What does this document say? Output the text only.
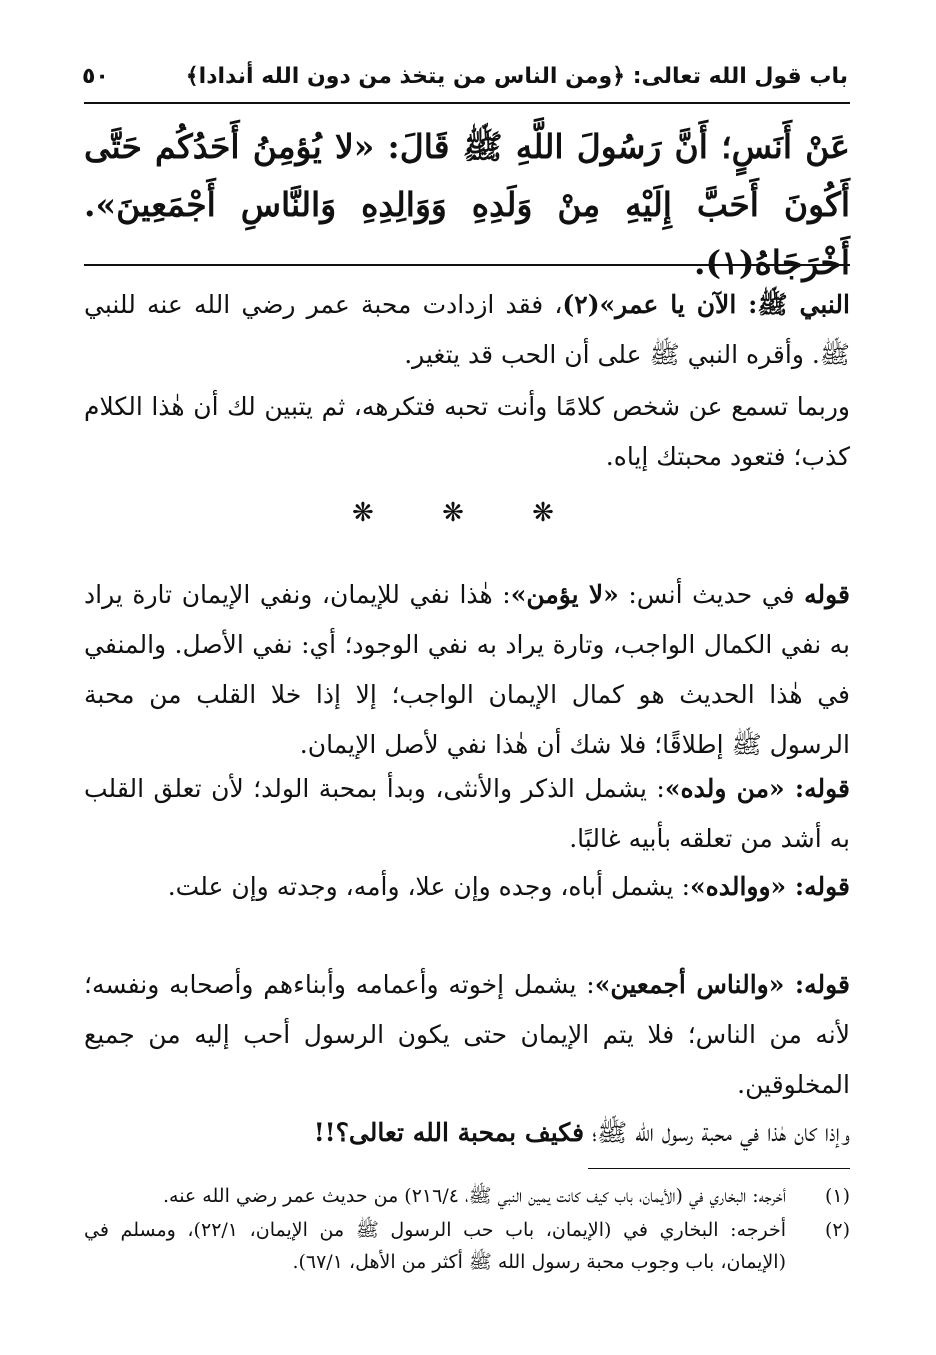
باب قول الله تعالى: ﴿ومن الناس من يتخذ من دون الله أندادا﴾
٥٠
عَنْ أَنَسٍ؛ أَنَّ رَسُولَ اللَّهِ ﷺ قَالَ: «لا يُؤمِنُ أَحَدُكُم حَتَّى أَكُونَ أَحَبَّ إِلَيْهِ مِنْ وَلَدِهِ وَوَالِدِهِ وَالنَّاسِ أَجْمَعِينَ». أَخْرَجَاهُ(١).

النبي ﷺ: الآن يا عمر»(٢)، فقد ازدادت محبة عمر رضي الله عنه للنبي ﷺ. وأقره النبي ﷺ على أن الحب قد يتغير.

وربما تسمع عن شخص كلامًا وأنت تحبه فتكرهه، ثم يتبين لك أن هٰذا الكلام كذب؛ فتعود محبتك إياه.

❋ ❋ ❋

قوله في حديث أنس: «لا يؤمن»: هٰذا نفي للإيمان، ونفي الإيمان تارة يراد به نفي الكمال الواجب، وتارة يراد به نفي الوجود؛ أي: نفي الأصل. والمنفي في هٰذا الحديث هو كمال الإيمان الواجب؛ إلا إذا خلا القلب من محبة الرسول ﷺ إطلاقًا؛ فلا شك أن هٰذا نفي لأصل الإيمان.

قوله: «من ولده»: يشمل الذكر والأنثى، وبدأ بمحبة الولد؛ لأن تعلق القلب به أشد من تعلقه بأبيه غالبًا.

قوله: «ووالده»: يشمل أباه، وجده وإن علا، وأمه، وجدته وإن علت.

قوله: «والناس أجمعين»: يشمل إخوته وأعمامه وأبناءهم وأصحابه ونفسه؛ لأنه من الناس؛ فلا يتم الإيمان حتى يكون الرسول أحب إليه من جميع المخلوقين.

وإذا كان هٰذا في محبة رسول الله ﷺ؛ فكيف بمحبة الله تعالى؟!!

(١)
أخرجه: البخاري في (الأيمان، باب كيف كانت يمين النبي ﷺ، ٢١٦/٤) من حديث عمر رضي الله عنه.
(٢)
أخرجه: البخاري في (الإيمان، باب حب الرسول ﷺ من الإيمان، ٢٢/١)، ومسلم في (الإيمان، باب وجوب محبة رسول الله ﷺ أكثر من الأهل، ٦٧/١).
